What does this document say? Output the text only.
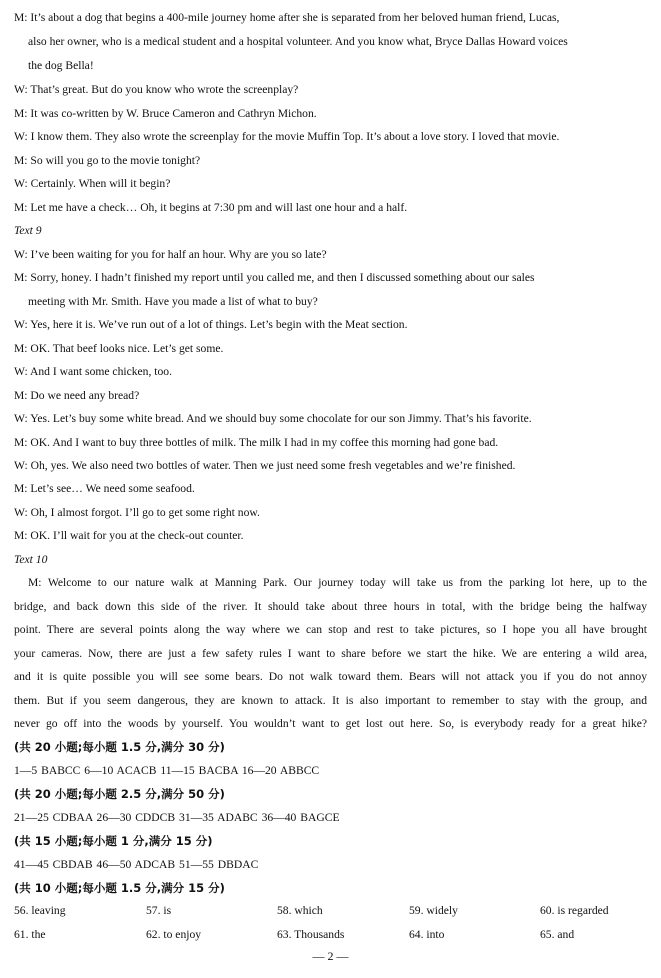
M: It’s about a dog that begins a 400-mile journey home after she is separated from her beloved human friend, Lucas,
also her owner, who is a medical student and a hospital volunteer. And you know what, Bryce Dallas Howard voices
the dog Bella!
W: That’s great. But do you know who wrote the screenplay?
M: It was co-written by W. Bruce Cameron and Cathryn Michon.
W: I know them. They also wrote the screenplay for the movie Muffin Top. It’s about a love story. I loved that movie.
M: So will you go to the movie tonight?
W: Certainly. When will it begin?
M: Let me have a check… Oh, it begins at 7:30 pm and will last one hour and a half.
Text 9
W: I’ve been waiting for you for half an hour. Why are you so late?
M: Sorry, honey. I hadn’t finished my report until you called me, and then I discussed something about our sales
meeting with Mr. Smith. Have you made a list of what to buy?
W: Yes, here it is. We’ve run out of a lot of things. Let’s begin with the Meat section.
M: OK. That beef looks nice. Let’s get some.
W: And I want some chicken, too.
M: Do we need any bread?
W: Yes. Let’s buy some white bread. And we should buy some chocolate for our son Jimmy. That’s his favorite.
M: OK. And I want to buy three bottles of milk. The milk I had in my coffee this morning had gone bad.
W: Oh, yes. We also need two bottles of water. Then we just need some fresh vegetables and we’re finished.
M: Let’s see… We need some seafood.
W: Oh, I almost forgot. I’ll go to get some right now.
M: OK. I’ll wait for you at the check-out counter.
Text 10
M: Welcome to our nature walk at Manning Park. Our journey today will take us from the parking lot here, up to the
bridge, and back down this side of the river. It should take about three hours in total, with the bridge being the halfway
point. There are several points along the way where we can stop and rest to take pictures, so I hope you all have brought
your cameras. Now, there are just a few safety rules I want to share before we start the hike. We are entering a wild area,
and it is quite possible you will see some bears. Do not walk toward them. Bears will not attack you if you do not annoy
them. But if you seem dangerous, they are known to attack. It is also important to remember to stay with the group, and
never go off into the woods by yourself. You wouldn’t want to get lost out here. So, is everybody ready for a great hike?
(共 20 小题;每小题 1.5 分,满分 30 分)
1—5 BABCC 6—10 ACACB 11—15 BACBA 16—20 ABBCC
(共 20 小题;每小题 2.5 分,满分 50 分)
21—25 CDBAA 26—30 CDDCB 31—35 ADABC 36—40 BAGCE
(共 15 小题;每小题 1 分,满分 15 分)
41—45 CBDAB 46—50 ADCAB 51—55 DBDAC
(共 10 小题;每小题 1.5 分,满分 15 分)
56. leaving	57. is	58. which	59. widely	60. is regarded
61. the	62. to enjoy	63. Thousands	64. into	65. and
— 2 —
